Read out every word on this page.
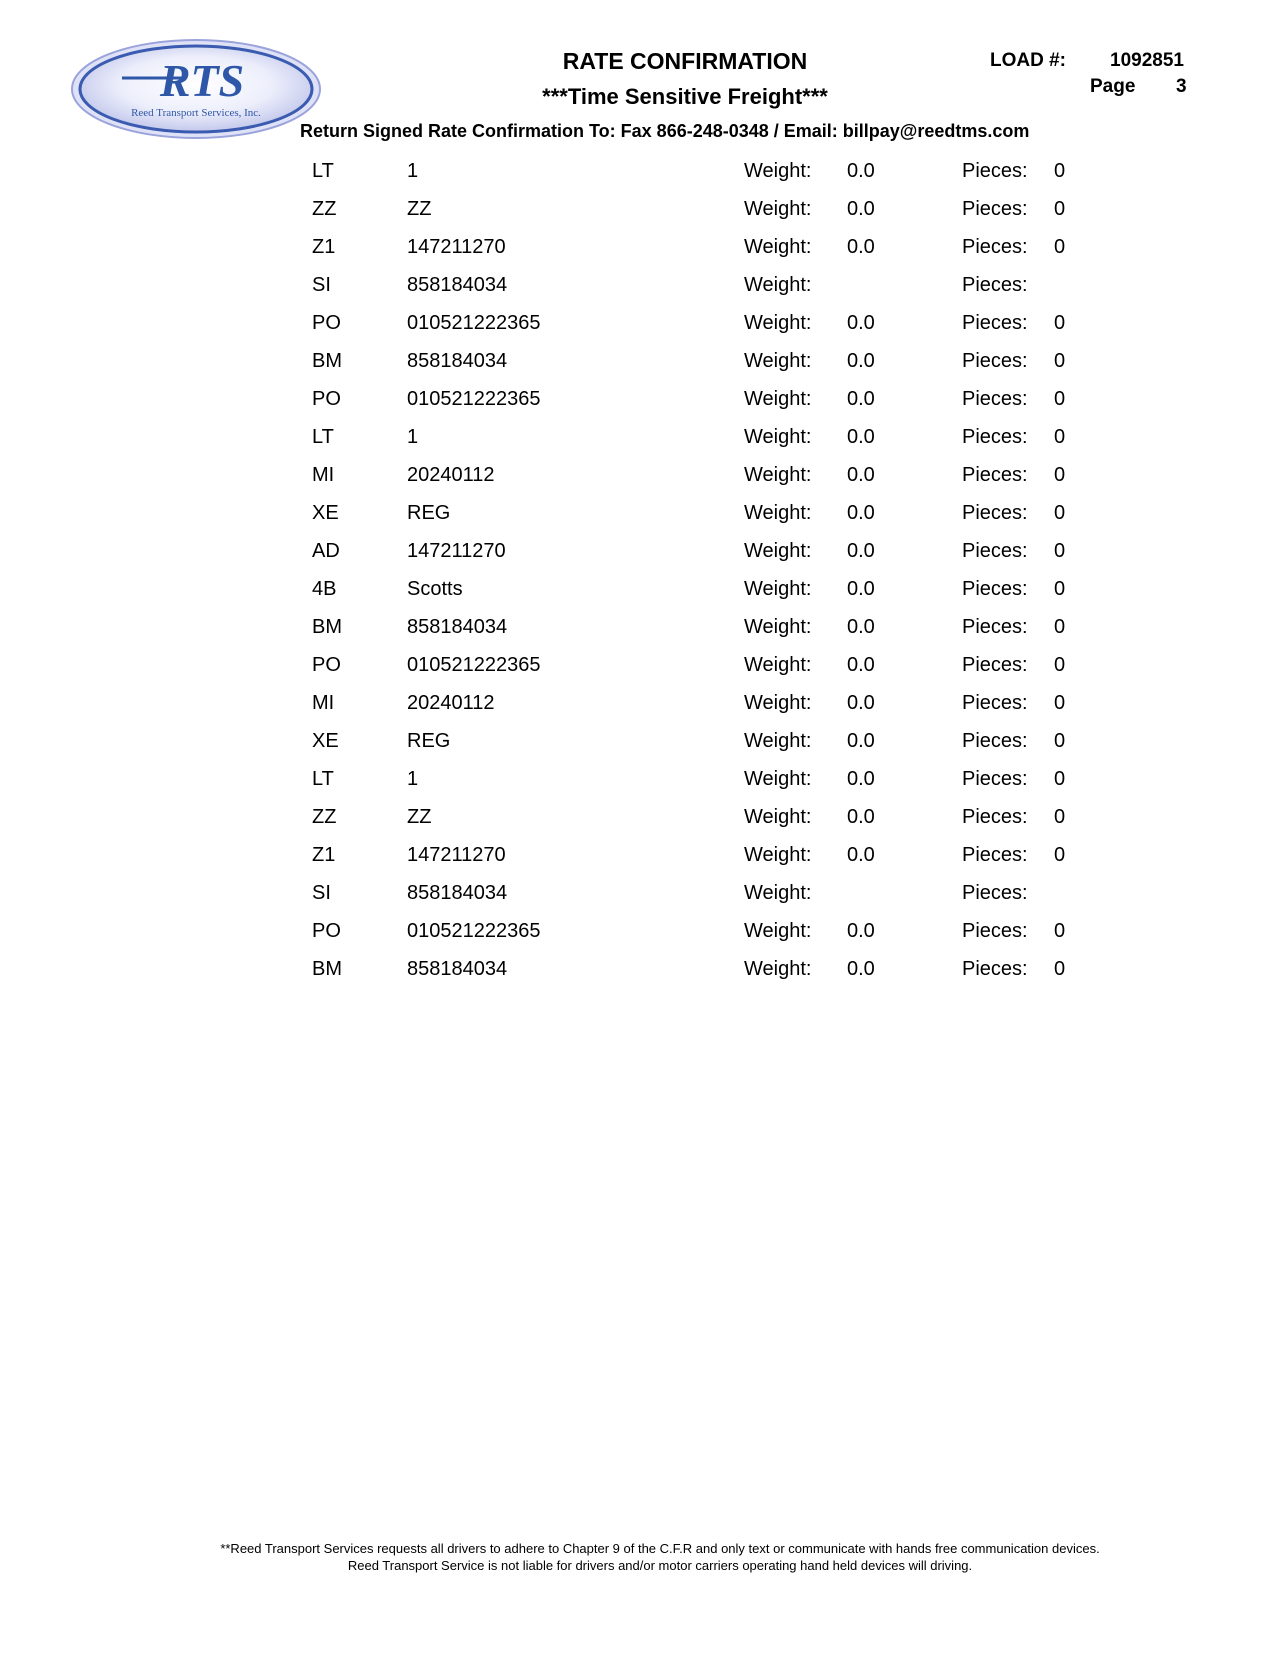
RTS
Reed Transport Services, Inc.
RATE CONFIRMATION
***Time Sensitive Freight***
Return Signed Rate Confirmation To: Fax 866-248-0348 / Email: billpay@reedtms.com
LOAD #: 1092851
Page 3
LT	1	Weight: 0.0	Pieces: 0
ZZ	ZZ	Weight: 0.0	Pieces: 0
Z1	147211270	Weight: 0.0	Pieces: 0
SI	858184034	Weight:	Pieces:
PO	010521222365	Weight: 0.0	Pieces: 0
BM	858184034	Weight: 0.0	Pieces: 0
PO	010521222365	Weight: 0.0	Pieces: 0
LT	1	Weight: 0.0	Pieces: 0
MI	20240112	Weight: 0.0	Pieces: 0
XE	REG	Weight: 0.0	Pieces: 0
AD	147211270	Weight: 0.0	Pieces: 0
4B	Scotts	Weight: 0.0	Pieces: 0
BM	858184034	Weight: 0.0	Pieces: 0
PO	010521222365	Weight: 0.0	Pieces: 0
MI	20240112	Weight: 0.0	Pieces: 0
XE	REG	Weight: 0.0	Pieces: 0
LT	1	Weight: 0.0	Pieces: 0
ZZ	ZZ	Weight: 0.0	Pieces: 0
Z1	147211270	Weight: 0.0	Pieces: 0
SI	858184034	Weight:	Pieces:
PO	010521222365	Weight: 0.0	Pieces: 0
BM	858184034	Weight: 0.0	Pieces: 0
**Reed Transport Services requests all drivers to adhere to Chapter 9 of the C.F.R and only text or communicate with hands free communication devices.
Reed Transport Service is not liable for drivers and/or motor carriers operating hand held devices will driving.
